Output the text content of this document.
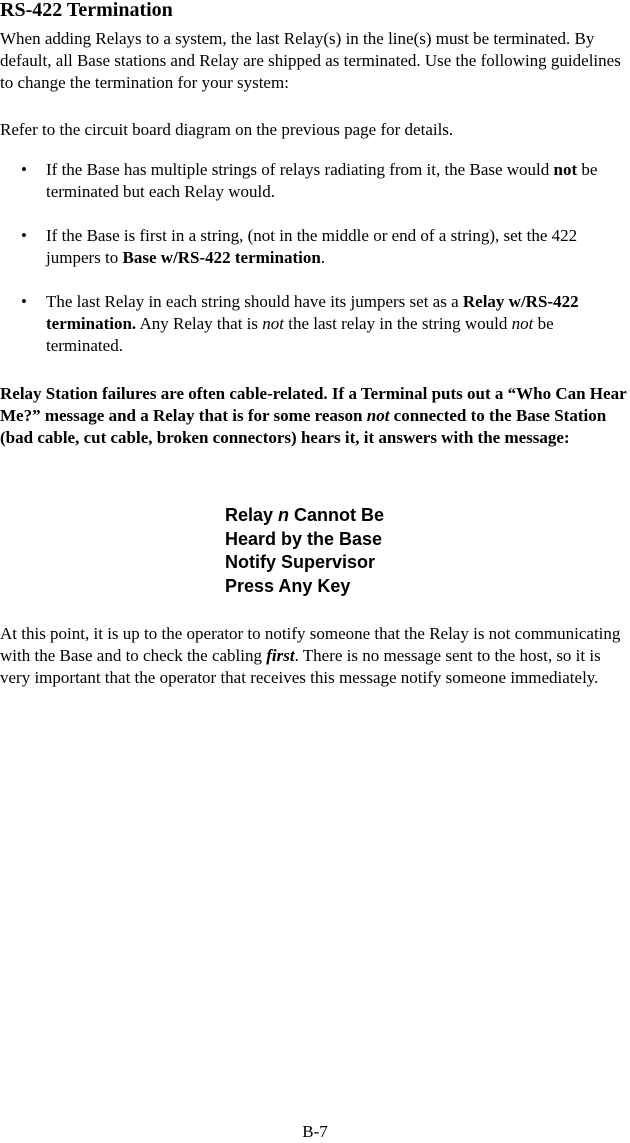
RS-422 Termination

When adding Relays to a system, the last Relay(s) in the line(s) must be terminated. By default, all Base stations and Relay are shipped as terminated. Use the following guidelines to change the termination for your system:

Refer to the circuit board diagram on the previous page for details.

• If the Base has multiple strings of relays radiating from it, the Base would not be terminated but each Relay would.
• If the Base is first in a string, (not in the middle or end of a string), set the 422 jumpers to Base w/RS-422 termination.
• The last Relay in each string should have its jumpers set as a Relay w/RS-422 termination. Any Relay that is not the last relay in the string would not be terminated.

Relay Station failures are often cable-related. If a Terminal puts out a “Who Can Hear Me?” message and a Relay that is for some reason not connected to the Base Station (bad cable, cut cable, broken connectors) hears it, it answers with the message:

Relay n Cannot Be
Heard by the Base
Notify Supervisor
Press Any Key

At this point, it is up to the operator to notify someone that the Relay is not communicating with the Base and to check the cabling first. There is no message sent to the host, so it is very important that the operator that receives this message notify someone immediately.

B-7
